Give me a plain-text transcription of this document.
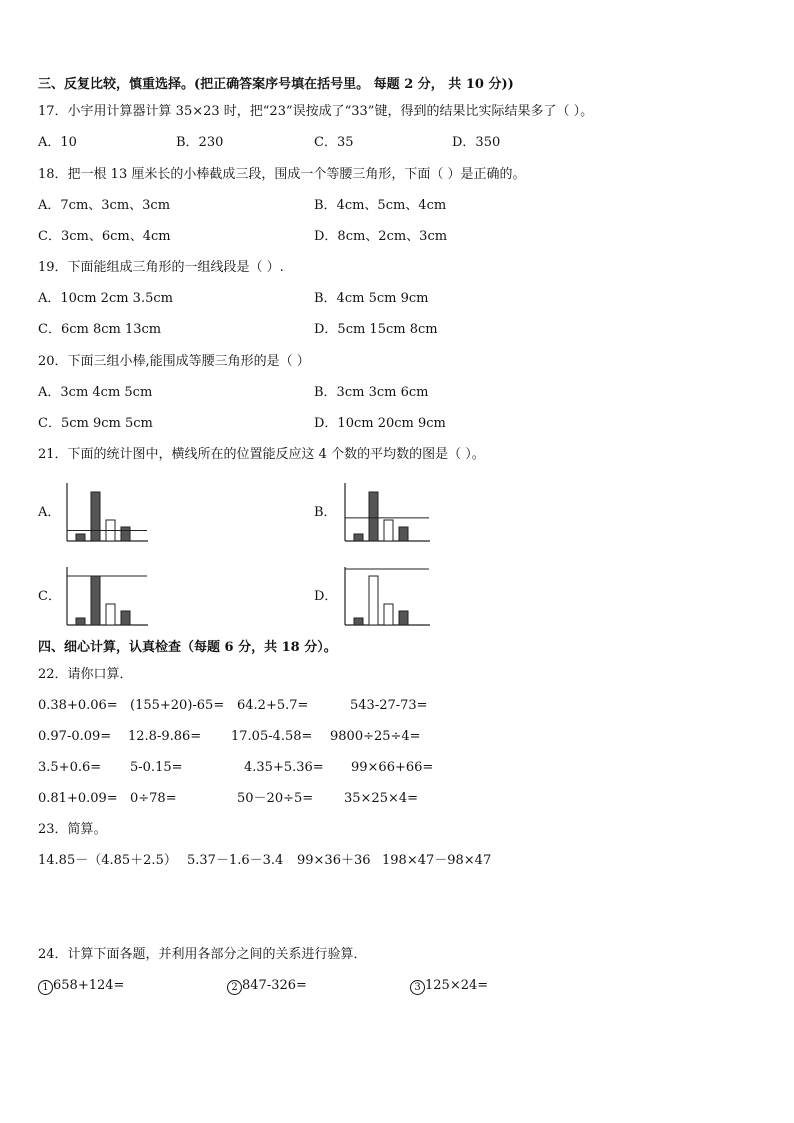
三、反复比较，慎重选择。(把正确答案序号填在括号里。 每题 2 分， 共 10 分))
17．小宇用计算器计算 35×23 时，把“23”误按成了“33”键，得到的结果比实际结果多了（ ）。
A．10	B．230	C．35	D．350
18．把一根 13 厘米长的小棒截成三段，围成一个等腰三角形，下面（ ）是正确的。
A．7cm、3cm、3cm	B．4cm、5cm、4cm
C．3cm、6cm、4cm	D．8cm、2cm、3cm
19．下面能组成三角形的一组线段是（ ）.
A．10cm 2cm 3.5cm	B．4cm 5cm 9cm
C．6cm 8cm 13cm	D．5cm 15cm 8cm
20．下面三组小棒,能围成等腰三角形的是（ ）
A．3cm 4cm 5cm	B．3cm 3cm 6cm
C．5cm 9cm 5cm	D．10cm 20cm 9cm
21．下面的统计图中，横线所在的位置能反应这 4 个数的平均数的图是（ ）。
A．	B．
C．	D．
四、细心计算，认真检查（每题 6 分，共 18 分）。
22．请你口算．
0.38+0.06= (155+20)-65= 64.2+5.7=	543-27-73=
0.97-0.09= 12.8-9.86= 17.05-4.58= 9800÷25÷4=
3.5+0.6= 5-0.15=	4.35+5.36= 99×66+66=
0.81+0.09= 0÷78=	50－20÷5= 35×25×4=
23．简算。
14.85－（4.85＋2.5） 5.37－1.6－3.4 99×36＋36 198×47－98×47
24．计算下面各题，并利用各部分之间的关系进行验算．
1 658+124=	2 847-326=	3 125×24=
